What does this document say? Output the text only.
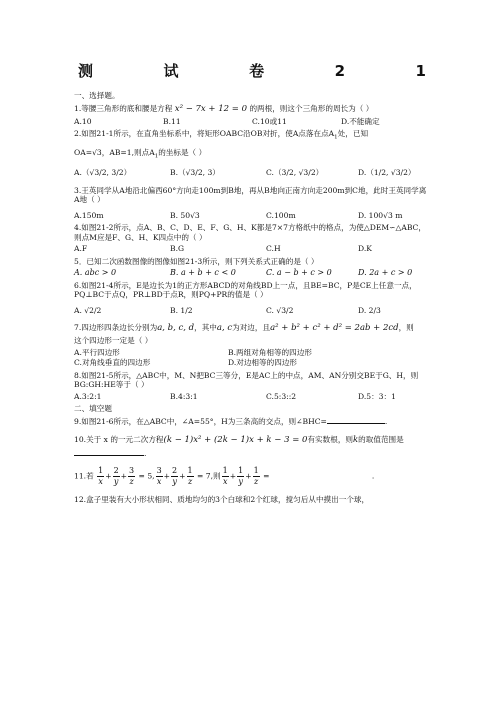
测	试	卷	2	1
一、选择题。
1.等腰三角形的底和腰是方程 x² − 7x + 12 = 0 的两根，则这个三角形的周长为（ ）
A.10	B.11	C.10或11	D.不能确定
2.如图21-1所示，在直角坐标系中，将矩形OABC沿OB对折，使A点落在点$A_1$处，已知
OA=√3，AB=1,则点$A_1$的坐标是（ ）
A.（√3/2, 3/2）	B.（√3/2, 3）	C.（3/2, √3/2）	D.（1/2, √3/2）
3.王英同学从A地沿北偏西60°方向走100m到B地，再从B地向正南方向走200m到C地，此时王英同学离A地（ ）
A.150m	B. 50√3	C.100m	D. 100√3 m
4.如图21-2所示，点A、B、C、D、E、F、G、H、K都是7×7方格纸中的格点，为使△DEM∽△ABC，则点M应是F、G、H、K四点中的（ ）
A.F	B.G	C.H	D.K
5．已知二次函数图像的图像如图21-3所示，则下列关系式正确的是（ ）
A. abc > 0	B. a + b + c < 0	C. a − b + c > 0	D. 2a + c > 0
6.如图21-4所示，E是边长为1的正方形ABCD的对角线BD上一点，且BE=BC，P是CE上任意一点，PQ⊥BC于点Q，PR⊥BD于点R，则PQ+PR的值是（ ）
A. √2/2	B. 1/2	C. √3/2	D. 2/3
7.四边形四条边长分别为a, b, c, d，其中a, c为对边，且a² + b² + c² + d² = 2ab + 2cd，则
这个四边形一定是（ ）
A.平行四边形	B.两组对角相等的四边形
C.对角线垂直的四边形	D.对边相等的四边形
8.如图21-5所示，△ABC中，M、N把BC三等分，E是AC上的中点，AM、AN分别交BE于G、H，则BG:GH:HE等于（ ）
A.3:2:1	B.4:3:1	C.5:3::2	D.5：3：1
二、填空题
9.如图21-6所示，在△ABC中，∠A=55°，H为三条高的交点，则∠BHC=	.
10.关于 x 的一元二次方程(k − 1)x² + (2k − 1)x + k − 3 = 0有实数根，则k的取值范围是
.
11.若 $\frac{1}{x} + \frac{2}{y} + \frac{3}{z} = 5$, $\frac{3}{x} + \frac{2}{y} + \frac{1}{z} = 7$,则 $\frac{1}{x} + \frac{1}{y} + \frac{1}{z}$ =	.
12.盒子里装有大小形状相同、质地均匀的3个白球和2个红球，搅匀后从中摸出一个球，
